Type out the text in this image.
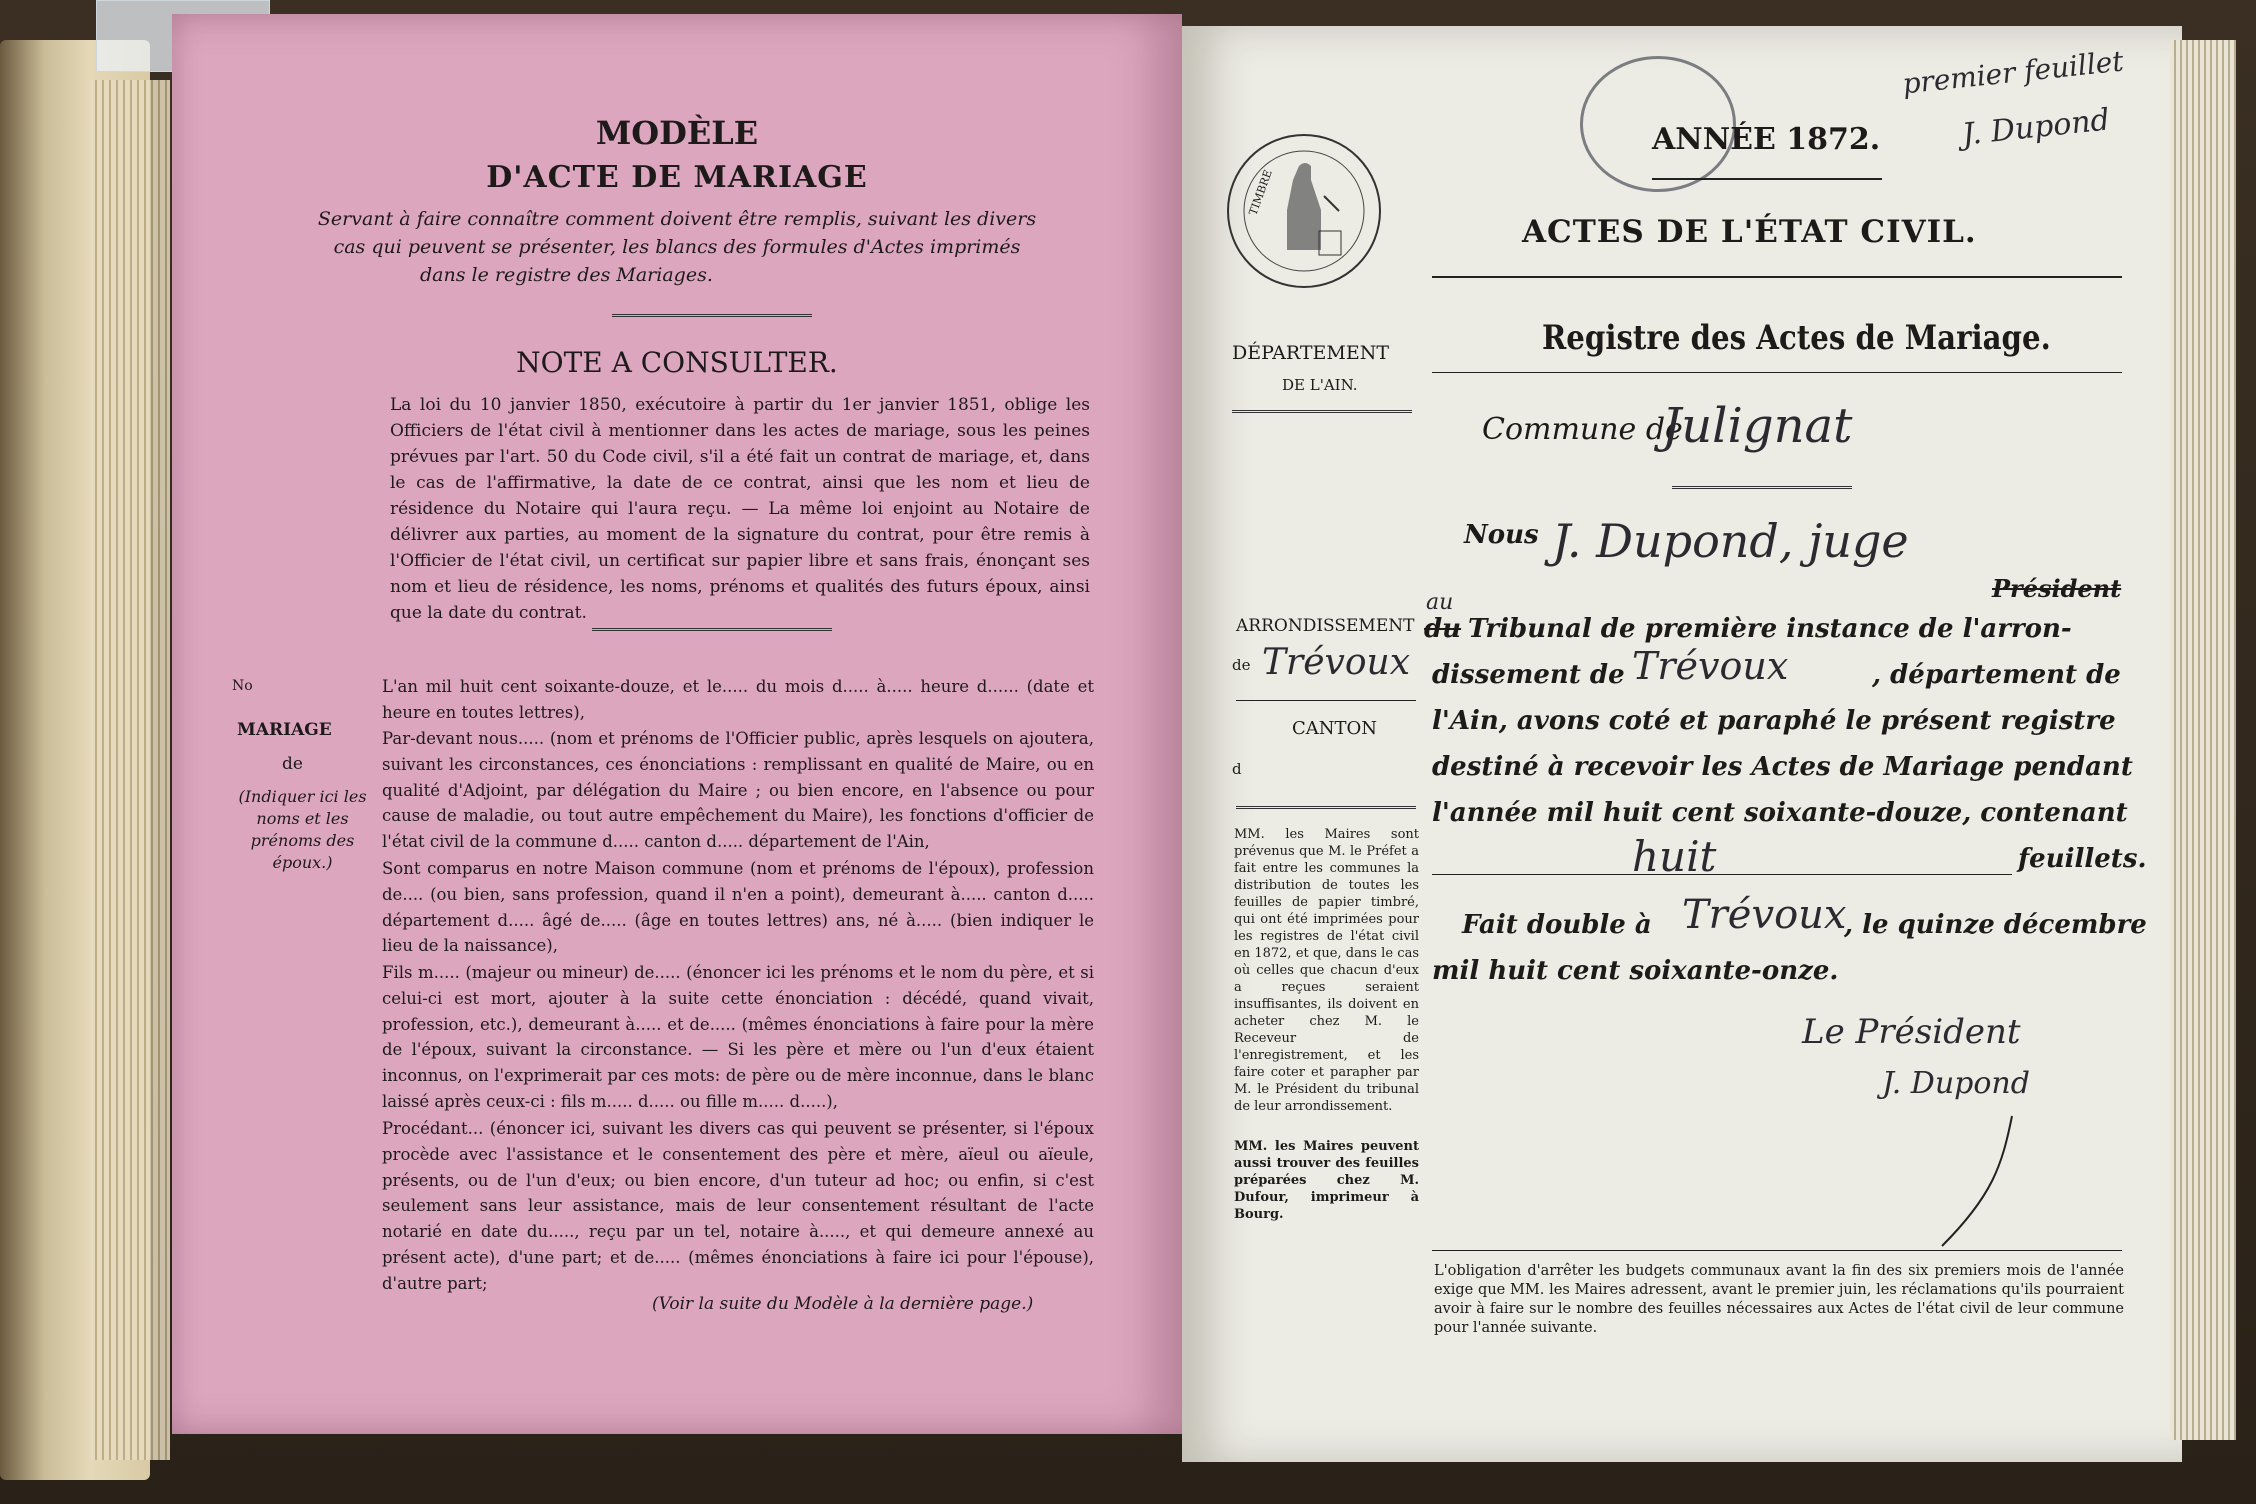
MODÈLE
D'ACTE DE MARIAGE
Servant à faire connaître comment doivent être remplis, suivant les divers
cas qui peuvent se présenter, les blancs des formules d'Actes imprimés
dans le registre des Mariages.
NOTE A CONSULTER.
La loi du 10 janvier 1850, exécutoire à partir du 1er janvier 1851, oblige les Officiers de l'état civil à mentionner dans les actes de mariage, sous les peines prévues par l'art. 50 du Code civil, s'il a été fait un contrat de mariage, et, dans le cas de l'affirmative, la date de ce contrat, ainsi que les nom et lieu de résidence du Notaire qui l'aura reçu. — La même loi enjoint au Notaire de délivrer aux parties, au moment de la signature du contrat, pour être remis à l'Officier de l'état civil, un certificat sur papier libre et sans frais, énonçant ses nom et lieu de résidence, les noms, prénoms et qualités des futurs époux, ainsi que la date du contrat.
No
MARIAGE
de
(Indiquer ici les noms et les prénoms des époux.)
L'an mil huit cent soixante-douze, et le..... du mois d..... à..... heure d...... (date et heure en toutes lettres),
Par-devant nous..... (nom et prénoms de l'Officier public, après lesquels on ajoutera, suivant les circonstances, ces énonciations : remplissant en qualité de Maire, ou en qualité d'Adjoint, par délégation du Maire ; ou bien encore, en l'absence ou pour cause de maladie, ou tout autre empêchement du Maire), les fonctions d'officier de l'état civil de la commune d..... canton d..... département de l'Ain,
Sont comparus en notre Maison commune (nom et prénoms de l'époux), profession de.... (ou bien, sans profession, quand il n'en a point), demeurant à..... canton d..... département d..... âgé de..... (âge en toutes lettres) ans, né à..... (bien indiquer le lieu de la naissance),
Fils m..... (majeur ou mineur) de..... (énoncer ici les prénoms et le nom du père, et si celui-ci est mort, ajouter à la suite cette énonciation : décédé, quand vivait, profession, etc.), demeurant à..... et de..... (mêmes énonciations à faire pour la mère de l'époux, suivant la circonstance. — Si les père et mère ou l'un d'eux étaient inconnus, on l'exprimerait par ces mots: de père ou de mère inconnue, dans le blanc laissé après ceux-ci : fils m..... d..... ou fille m..... d.....),
Procédant... (énoncer ici, suivant les divers cas qui peuvent se présenter, si l'époux procède avec l'assistance et le consentement des père et mère, aïeul ou aïeule, présents, ou de l'un d'eux; ou bien encore, d'un tuteur ad hoc; ou enfin, si c'est seulement sans leur assistance, mais de leur consentement résultant de l'acte notarié en date du....., reçu par un tel, notaire à....., et qui demeure annexé au présent acte), d'une part; et de..... (mêmes énonciations à faire ici pour l'épouse), d'autre part;
(Voir la suite du Modèle à la dernière page.)
premier feuillet
J. Dupond
TIMBRE
ANNÉE 1872.
ACTES DE L'ÉTAT CIVIL.
Registre des Actes de Mariage.
DÉPARTEMENT
DE L'AIN.
Commune de
Julignat
Nous J. Dupond, juge
Président
ARRONDISSEMENT
de Trévoux
CANTON
d
au
du Tribunal de première instance de l'arron-
dissement de Trévoux	, département de
l'Ain, avons coté et paraphé le présent registre
destiné à recevoir les Actes de Mariage pendant
l'année mil huit cent soixante-douze, contenant
huit	feuillets.
Fait double à Trévoux
, le quinze décembre
mil huit cent soixante-onze.
Le Président
J. Dupond
MM. les Maires sont prévenus que M. le Préfet a fait entre les communes la distribution de toutes les feuilles de papier timbré, qui ont été imprimées pour les registres de l'état civil en 1872, et que, dans le cas où celles que chacun d'eux a reçues seraient insuffisantes, ils doivent en acheter chez M. le Receveur de l'enregistrement, et les faire coter et parapher par M. le Président du tribunal de leur arrondissement.
MM. les Maires peuvent aussi trouver des feuilles préparées chez M. Dufour, imprimeur à Bourg.
L'obligation d'arrêter les budgets communaux avant la fin des six premiers mois de l'année exige que MM. les Maires adressent, avant le premier juin, les réclamations qu'ils pourraient avoir à faire sur le nombre des feuilles nécessaires aux Actes de l'état civil de leur commune pour l'année suivante.
